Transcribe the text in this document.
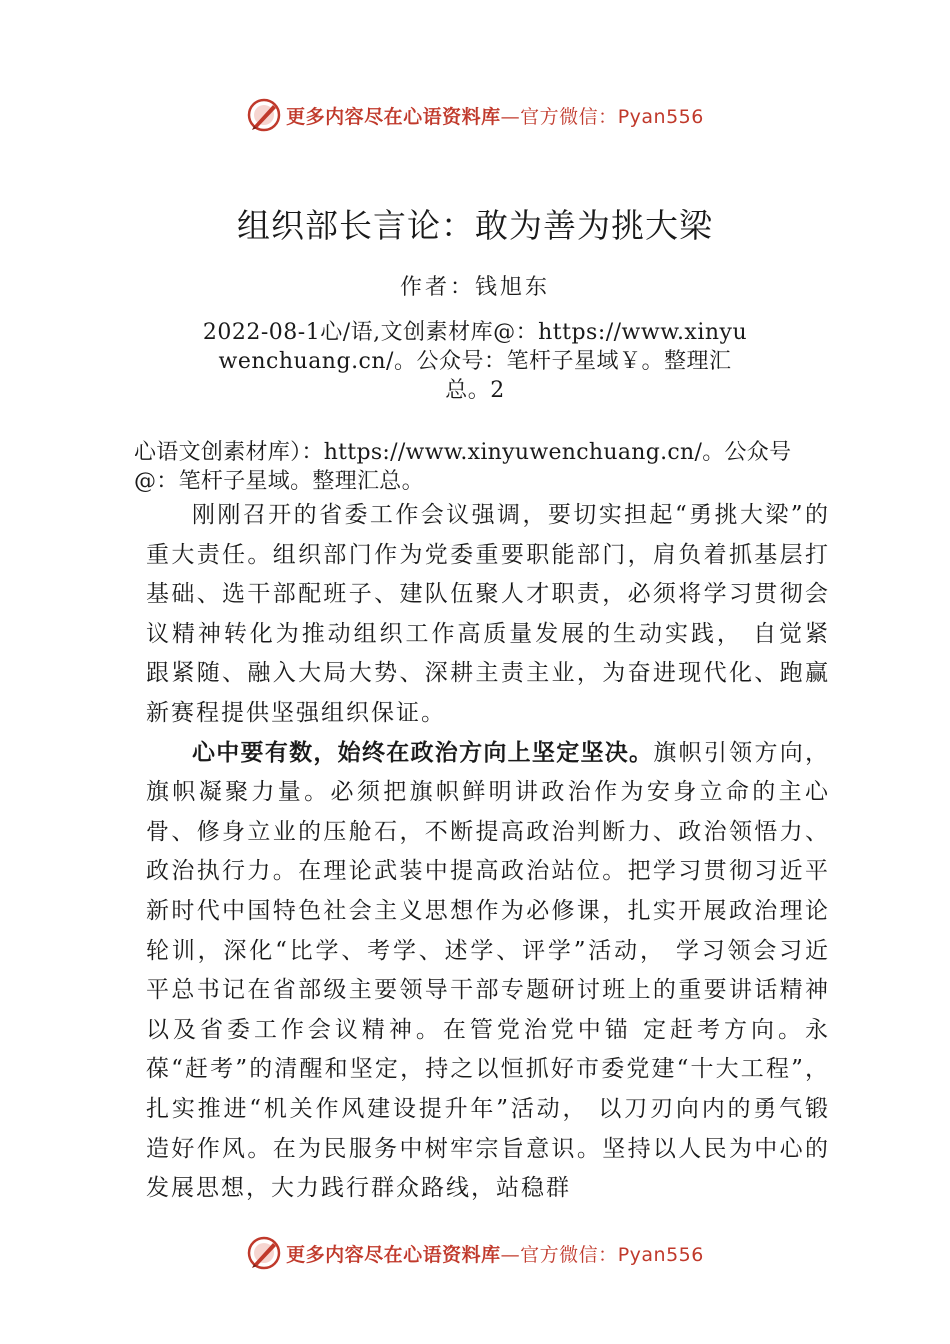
更多内容尽在心语资料库—官方微信：Pyan556
组织部长言论：敢为善为挑大梁
作者：钱旭东
2022-08-1心/语,文创素材库@：https://www.xinyuwenchuang.cn/。公众号：笔杆子星域￥。整理汇总。2
心语文创素材库）：https://www.xinyuwenchuang.cn/。公众号@：笔杆子星域。整理汇总。

刚刚召开的省委工作会议强调，要切实担起“勇挑大梁”的重大责任。组织部门作为党委重要职能部门，肩负着抓基层打基础、选干部配班子、建队伍聚人才职责，必须将学习贯彻会议精神转化为推动组织工作高质量发展的生动实践， 自觉紧跟紧随、融入大局大势、深耕主责主业，为奋进现代化、跑赢新赛程提供坚强组织保证。

心中要有数，始终在政治方向上坚定坚决。旗帜引领方向，旗帜凝聚力量。必须把旗帜鲜明讲政治作为安身立命的主心骨、修身立业的压舱石，不断提高政治判断力、政治领悟力、政治执行力。在理论武装中提高政治站位。把学习贯彻习近平新时代中国特色社会主义思想作为必修课，扎实开展政治理论轮训，深化“比学、考学、述学、评学”活动， 学习领会习近平总书记在省部级主要领导干部专题研讨班上的重要讲话精神以及省委工作会议精神。在管党治党中锚 定赶考方向。永葆“赶考”的清醒和坚定，持之以恒抓好市委党建“十大工程”，扎实推进“机关作风建设提升年”活动， 以刀刃向内的勇气锻造好作风。在为民服务中树牢宗旨意识。坚持以人民为中心的发展思想，大力践行群众路线，站稳群

更多内容尽在心语资料库—官方微信：Pyan556
